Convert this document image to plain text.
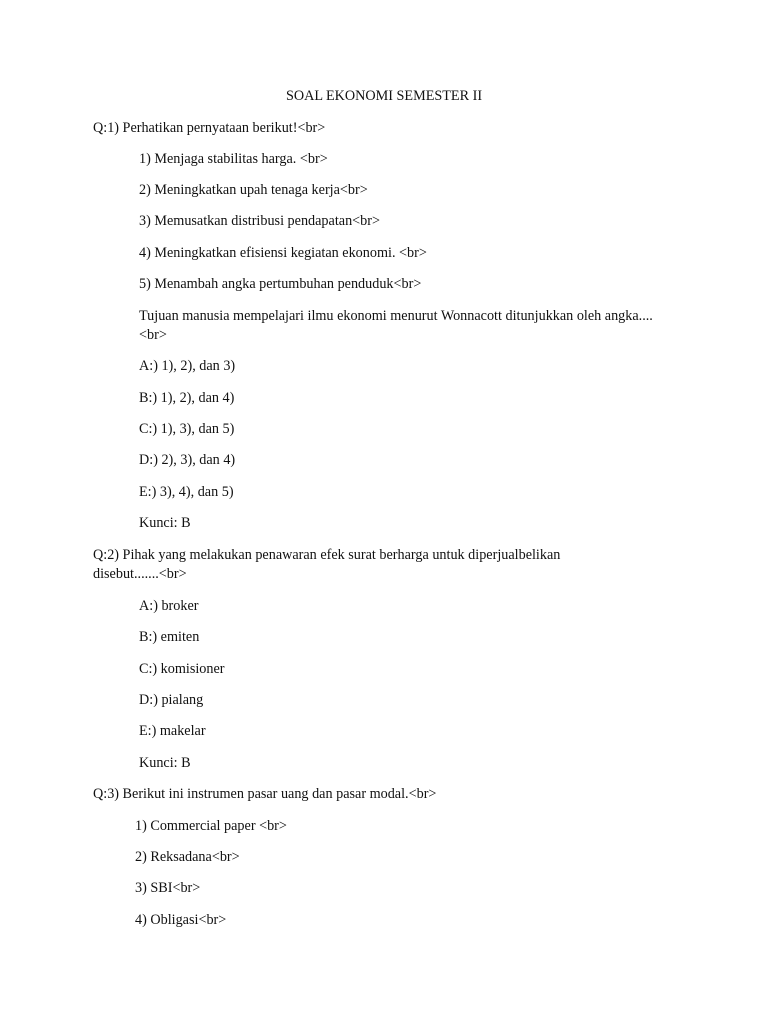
SOAL EKONOMI SEMESTER II
Q:1) Perhatikan pernyataan berikut!<br>
1) Menjaga stabilitas harga. <br>
2) Meningkatkan upah tenaga kerja<br>
3) Memusatkan distribusi pendapatan<br>
4) Meningkatkan efisiensi kegiatan ekonomi. <br>
5) Menambah angka pertumbuhan penduduk<br>
Tujuan manusia mempelajari ilmu ekonomi menurut Wonnacott ditunjukkan oleh angka....<br>
A:) 1), 2), dan 3)
B:) 1), 2), dan 4)
C:) 1), 3), dan 5)
D:) 2), 3), dan 4)
E:) 3), 4), dan 5)
Kunci: B
Q:2) Pihak yang melakukan penawaran efek surat berharga untuk diperjualbelikan disebut.......<br>
A:) broker
B:) emiten
C:) komisioner
D:) pialang
E:) makelar
Kunci: B
Q:3) Berikut ini instrumen pasar uang dan pasar modal.<br>
1) Commercial paper <br>
2) Reksadana<br>
3) SBI<br>
4) Obligasi<br>
